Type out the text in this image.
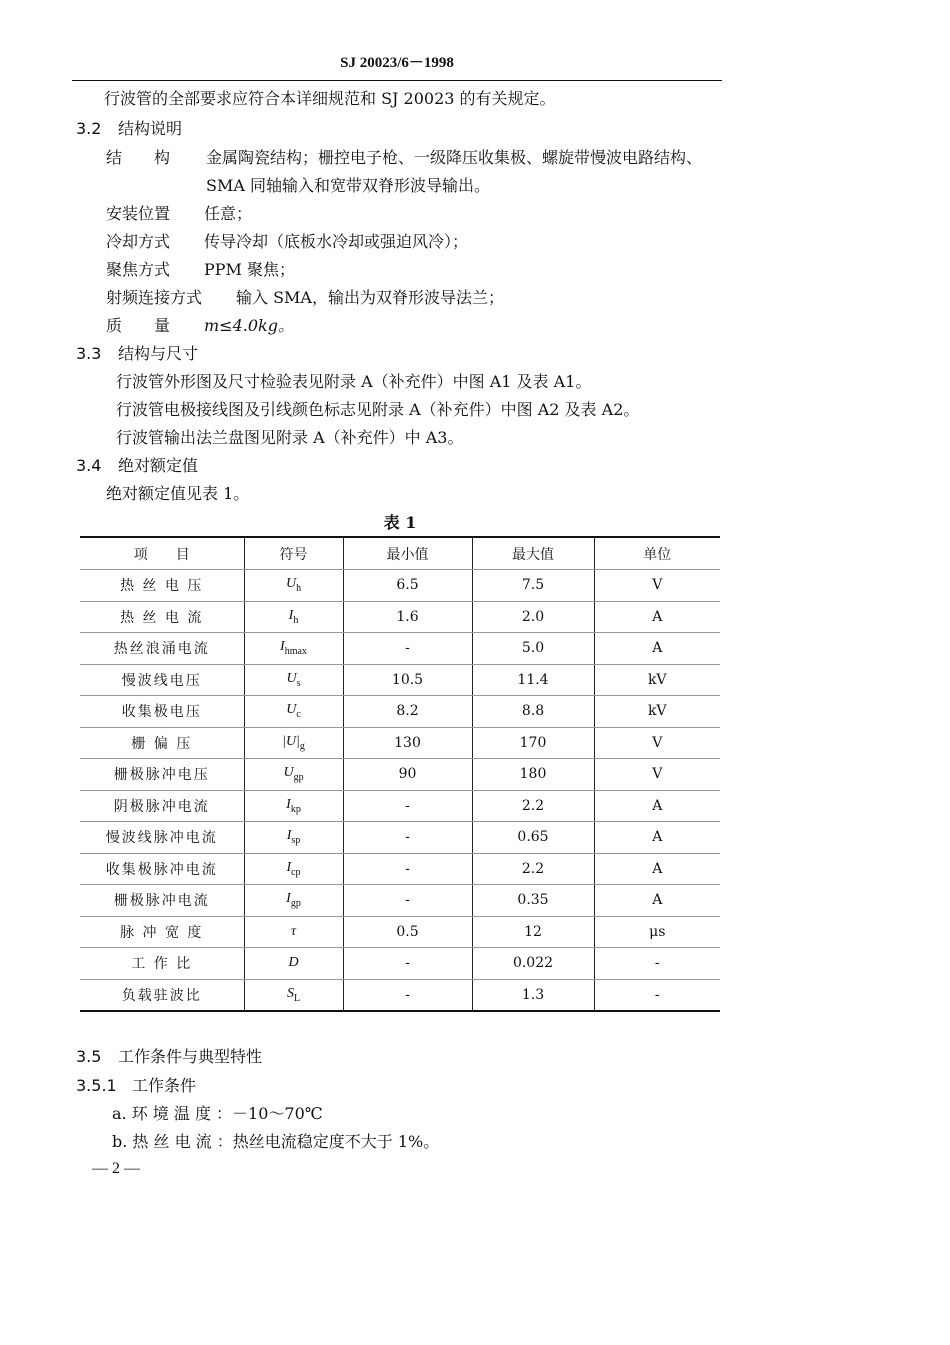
SJ 20023/6－1998
行波管的全部要求应符合本详细规范和 SJ 20023 的有关规定。
3.2 结构说明
结　　构 金属陶瓷结构；栅控电子枪、一级降压收集极、螺旋带慢波电路结构、
SMA 同轴输入和宽带双脊形波导输出。
安装位置 任意；
冷却方式 传导冷却（底板水冷却或强迫风冷）；
聚焦方式 PPM 聚焦；
射频连接方式 输入 SMA，输出为双脊形波导法兰；
质　　量 m≤4.0kg。
3.3 结构与尺寸
行波管外形图及尺寸检验表见附录 A（补充件）中图 A1 及表 A1。
行波管电极接线图及引线颜色标志见附录 A（补充件）中图 A2 及表 A2。
行波管输出法兰盘图见附录 A（补充件）中 A3。
3.4 绝对额定值
绝对额定值见表 1。
表 1
项　　目	符号	最小值	最大值	单位
热 丝 电 压	$U_h$	6.5	7.5	V
热 丝 电 流	$I_h$	1.6	2.0	A
热丝浪涌电流	$I_{hmax}$	-	5.0	A
慢波线电压	$U_s$	10.5	11.4	kV
收集极电压	$U_c$	8.2	8.8	kV
栅 偏 压	$|U|_g$	130	170	V
栅极脉冲电压	$U_{gp}$	90	180	V
阴极脉冲电流	$I_{kp}$	-	2.2	A
慢波线脉冲电流	$I_{sp}$	-	0.65	A
收集极脉冲电流	$I_{cp}$	-	2.2	A
栅极脉冲电流	$I_{gp}$	-	0.35	A
脉 冲 宽 度	τ	0.5	12	μs
工 作 比	D	-	0.022	-
负载驻波比	$S_L$	-	1.3	-
3.5 工作条件与典型特性
3.5.1 工作条件
a. 环 境 温 度 ：－10～70℃
b. 热 丝 电 流 ：热丝电流稳定度不大于 1%。
— 2 —
